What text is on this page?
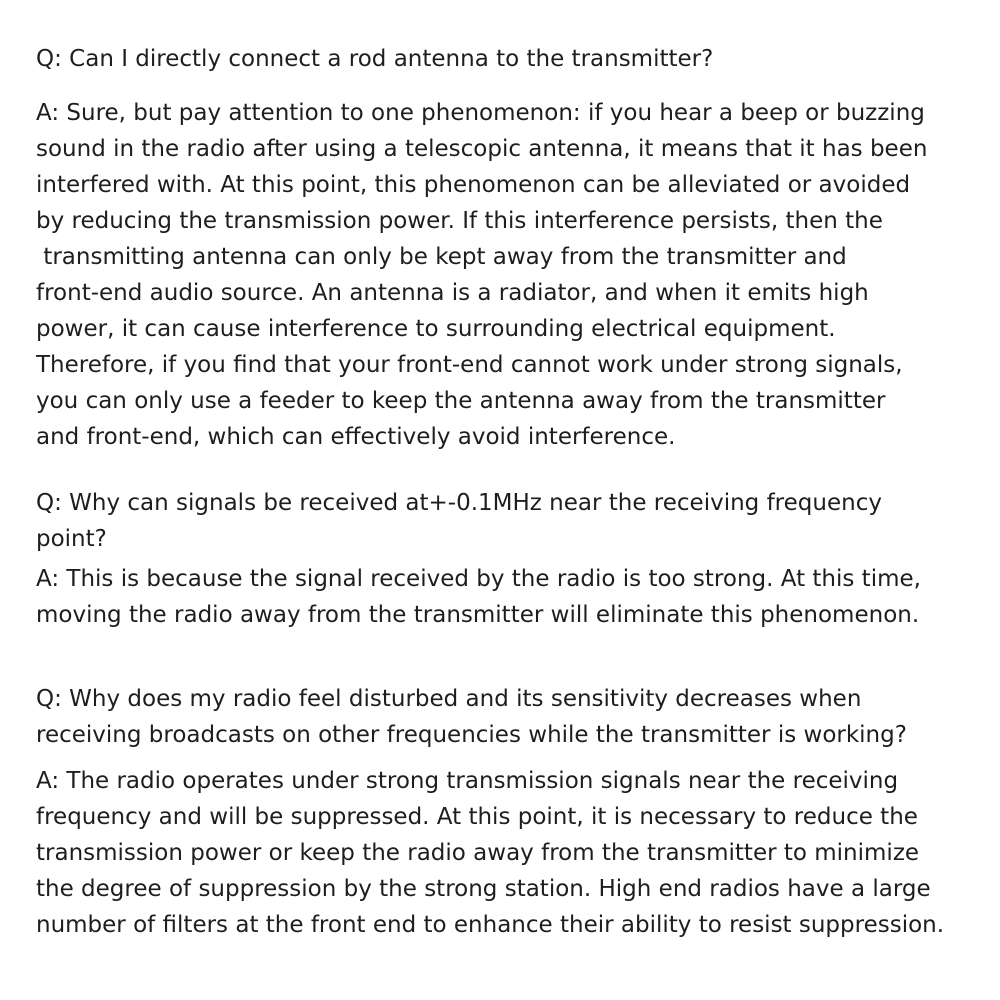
Q: Can I directly connect a rod antenna to the transmitter?

A: Sure, but pay attention to one phenomenon: if you hear a beep or buzzing

sound in the radio after using a telescopic antenna, it means that it has been

interfered with. At this point, this phenomenon can be alleviated or avoided

by reducing the transmission power. If this interference persists, then the

transmitting antenna can only be kept away from the transmitter and

front-end audio source. An antenna is a radiator, and when it emits high

power, it can cause interference to surrounding electrical equipment.

Therefore, if you find that your front-end cannot work under strong signals,

you can only use a feeder to keep the antenna away from the transmitter

and front-end, which can effectively avoid interference.

Q: Why can signals be received at+-0.1MHz near the receiving frequency

point?

A: This is because the signal received by the radio is too strong. At this time,

moving the radio away from the transmitter will eliminate this phenomenon.

Q: Why does my radio feel disturbed and its sensitivity decreases when

receiving broadcasts on other frequencies while the transmitter is working?

A: The radio operates under strong transmission signals near the receiving

frequency and will be suppressed. At this point, it is necessary to reduce the

transmission power or keep the radio away from the transmitter to minimize

the degree of suppression by the strong station. High end radios have a large

number of filters at the front end to enhance their ability to resist suppression.
